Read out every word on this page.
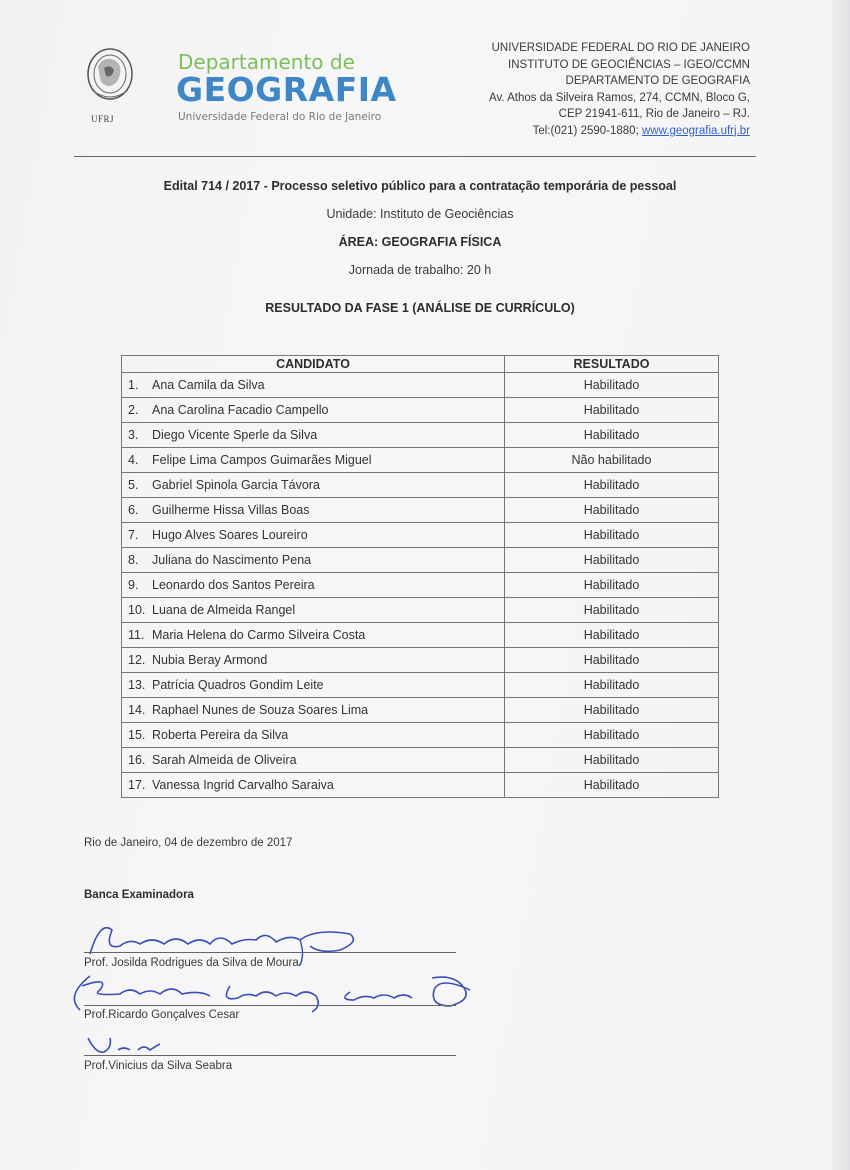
UFRJ
Departamento de
GEOGRAFIA
Universidade Federal do Rio de Janeiro
UNIVERSIDADE FEDERAL DO RIO DE JANEIRO
INSTITUTO DE GEOCIÊNCIAS – IGEO/CCMN
DEPARTAMENTO DE GEOGRAFIA
Av. Athos da Silveira Ramos, 274, CCMN, Bloco G,
CEP 21941-611, Rio de Janeiro – RJ.
Tel:(021) 2590-1880; www.geografia.ufrj.br
Edital 714 / 2017 - Processo seletivo público para a contratação temporária de pessoal
Unidade: Instituto de Geociências
ÁREA: GEOGRAFIA FÍSICA
Jornada de trabalho: 20 h
RESULTADO DA FASE 1 (ANÁLISE DE CURRÍCULO)
CANDIDATO	RESULTADO
1. Ana Camila da Silva	Habilitado
2. Ana Carolina Facadio Campello	Habilitado
3. Diego Vicente Sperle da Silva	Habilitado
4. Felipe Lima Campos Guimarães Miguel	Não habilitado
5. Gabriel Spinola Garcia Távora	Habilitado
6. Guilherme Hissa Villas Boas	Habilitado
7. Hugo Alves Soares Loureiro	Habilitado
8. Juliana do Nascimento Pena	Habilitado
9. Leonardo dos Santos Pereira	Habilitado
10. Luana de Almeida Rangel	Habilitado
11. Maria Helena do Carmo Silveira Costa	Habilitado
12. Nubia Beray Armond	Habilitado
13. Patrícia Quadros Gondim Leite	Habilitado
14. Raphael Nunes de Souza Soares Lima	Habilitado
15. Roberta Pereira da Silva	Habilitado
16. Sarah Almeida de Oliveira	Habilitado
17. Vanessa Ingrid Carvalho Saraiva	Habilitado
Rio de Janeiro, 04 de dezembro de 2017
Banca Examinadora
Prof. Josilda Rodrigues da Silva de Moura
Prof.Ricardo Gonçalves Cesar
Prof.Vinicius da Silva Seabra
